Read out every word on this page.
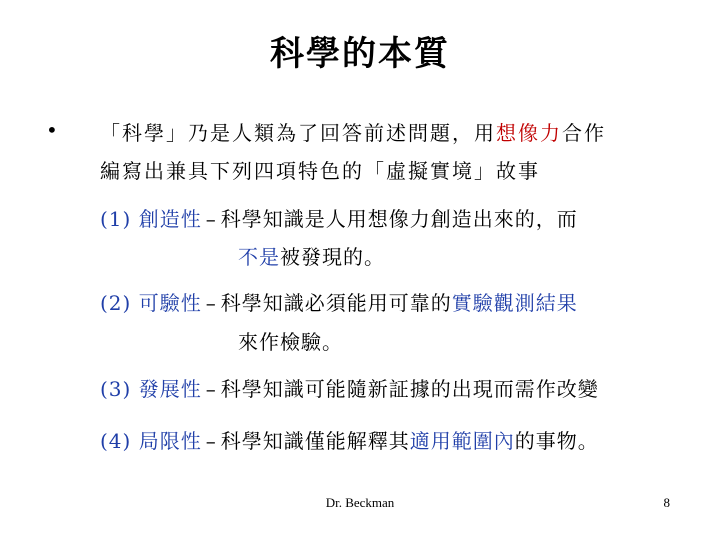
科學的本質
• 「科學」乃是人類為了回答前述問題，用想像力合作
編寫出兼具下列四項特色的「虛擬實境」故事
(1) 創造性 – 科學知識是人用想像力創造出來的，而
不是被發現的。
(2) 可驗性 – 科學知識必須能用可靠的實驗觀測結果
來作檢驗。
(3) 發展性 – 科學知識可能隨新証據的出現而需作改變
(4) 局限性 – 科學知識僅能解釋其適用範圍內的事物。
Dr. Beckman	8
